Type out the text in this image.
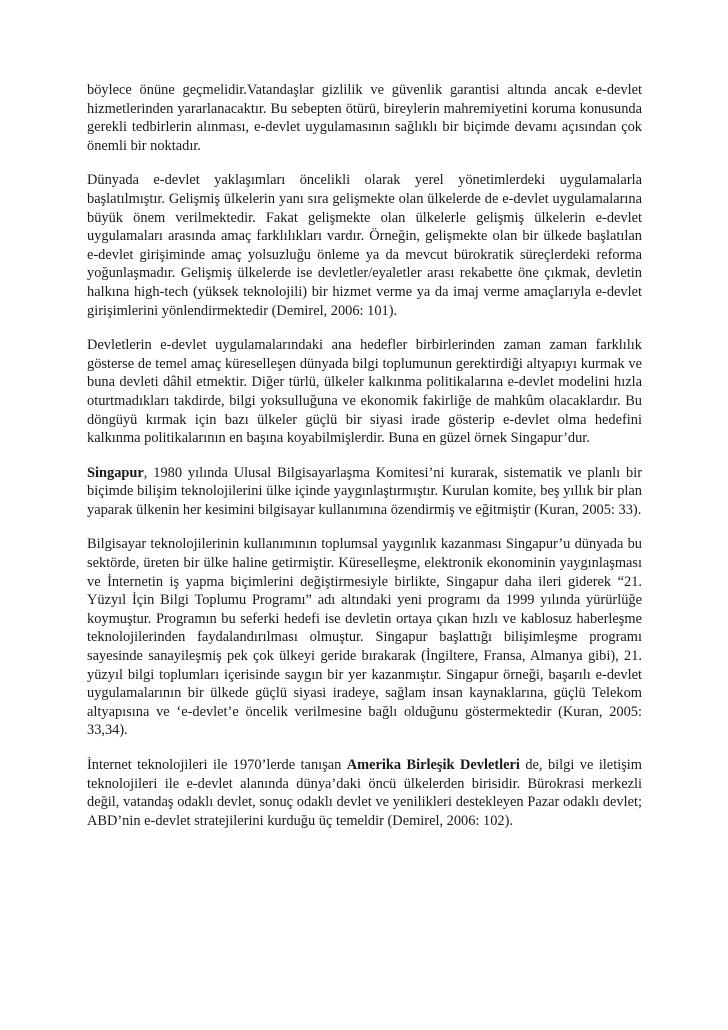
böylece önüne geçmelidir.Vatandaşlar gizlilik ve güvenlik garantisi altında ancak e-devlet hizmetlerinden yararlanacaktır. Bu sebepten ötürü, bireylerin mahremiyetini koruma konusunda gerekli tedbirlerin alınması, e-devlet uygulamasının sağlıklı bir biçimde devamı açısından çok önemli bir noktadır.

Dünyada e-devlet yaklaşımları öncelikli olarak yerel yönetimlerdeki uygulamalarla başlatılmıştır. Gelişmiş ülkelerin yanı sıra gelişmekte olan ülkelerde de e-devlet uygulamalarına büyük önem verilmektedir. Fakat gelişmekte olan ülkelerle gelişmiş ülkelerin e-devlet uygulamaları arasında amaç farklılıkları vardır. Örneğin, gelişmekte olan bir ülkede başlatılan e-devlet girişiminde amaç yolsuzluğu önleme ya da mevcut bürokratik süreçlerdeki reforma yoğunlaşmadır. Gelişmiş ülkelerde ise devletler/eyaletler arası rekabette öne çıkmak, devletin halkına high-tech (yüksek teknolojili) bir hizmet verme ya da imaj verme amaçlarıyla e-devlet girişimlerini yönlendirmektedir (Demirel, 2006: 101).

Devletlerin e-devlet uygulamalarındaki ana hedefler birbirlerinden zaman zaman farklılık gösterse de temel amaç küreselleşen dünyada bilgi toplumunun gerektirdiği altyapıyı kurmak ve buna devleti dâhil etmektir. Diğer türlü, ülkeler kalkınma politikalarına e-devlet modelini hızla oturtmadıkları takdirde, bilgi yoksulluğuna ve ekonomik fakirliğe de mahkûm olacaklardır. Bu döngüyü kırmak için bazı ülkeler güçlü bir siyasi irade gösterip e-devlet olma hedefini kalkınma politikalarının en başına koyabilmişlerdir. Buna en güzel örnek Singapur’dur.

Singapur, 1980 yılında Ulusal Bilgisayarlaşma Komitesi’ni kurarak, sistematik ve planlı bir biçimde bilişim teknolojilerini ülke içinde yaygınlaştırmıştır. Kurulan komite, beş yıllık bir plan yaparak ülkenin her kesimini bilgisayar kullanımına özendirmiş ve eğitmiştir (Kuran, 2005: 33).

Bilgisayar teknolojilerinin kullanımının toplumsal yaygınlık kazanması Singapur’u dünyada bu sektörde, üreten bir ülke haline getirmiştir. Küreselleşme, elektronik ekonominin yaygınlaşması ve İnternetin iş yapma biçimlerini değiştirmesiyle birlikte, Singapur daha ileri giderek “21. Yüzyıl İçin Bilgi Toplumu Programı” adı altındaki yeni programı da 1999 yılında yürürlüğe koymuştur. Programın bu seferki hedefi ise devletin ortaya çıkan hızlı ve kablosuz haberleşme teknolojilerinden faydalandırılması olmuştur. Singapur başlattığı bilişimleşme programı sayesinde sanayileşmiş pek çok ülkeyi geride bırakarak (İngiltere, Fransa, Almanya gibi), 21. yüzyıl bilgi toplumları içerisinde saygın bir yer kazanmıştır. Singapur örneği, başarılı e-devlet uygulamalarının bir ülkede güçlü siyasi iradeye, sağlam insan kaynaklarına, güçlü Telekom altyapısına ve ‘e-devlet’e öncelik verilmesine bağlı olduğunu göstermektedir (Kuran, 2005: 33,34).

İnternet teknolojileri ile 1970’lerde tanışan Amerika Birleşik Devletleri de, bilgi ve iletişim teknolojileri ile e-devlet alanında dünya’daki öncü ülkelerden birisidir. Bürokrasi merkezli değil, vatandaş odaklı devlet, sonuç odaklı devlet ve yenilikleri destekleyen Pazar odaklı devlet; ABD’nin e-devlet stratejilerini kurduğu üç temeldir (Demirel, 2006: 102).
